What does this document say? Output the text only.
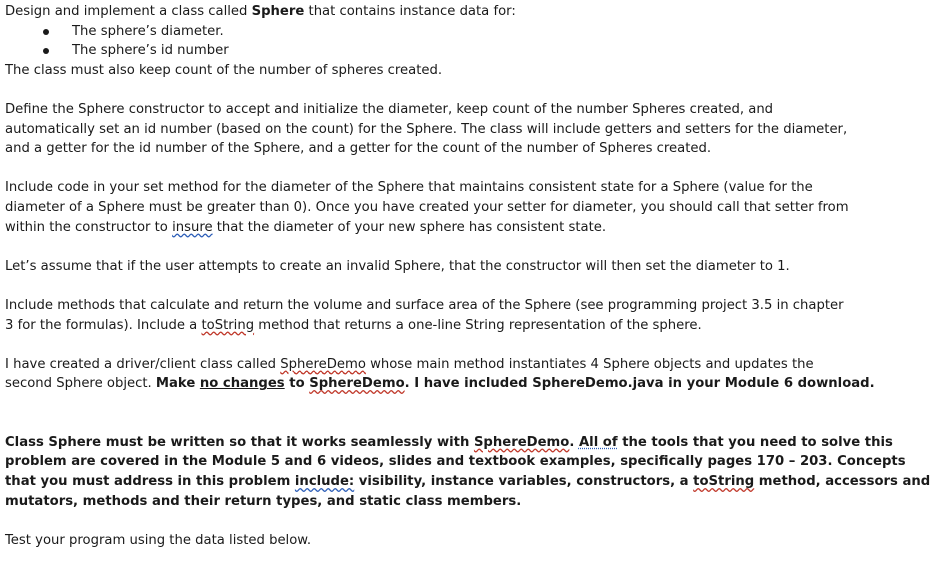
Design and implement a class called Sphere that contains instance data for:

The sphere’s diameter.
The sphere’s id number

The class must also keep count of the number of spheres created.

Define the Sphere constructor to accept and initialize the diameter, keep count of the number Spheres created, and

automatically set an id number (based on the count) for the Sphere. The class will include getters and setters for the diameter,

and a getter for the id number of the Sphere, and a getter for the count of the number of Spheres created.

Include code in your set method for the diameter of the Sphere that maintains consistent state for a Sphere (value for the

diameter of a Sphere must be greater than 0). Once you have created your setter for diameter, you should call that setter from

within the constructor to insure that the diameter of your new sphere has consistent state.

Let’s assume that if the user attempts to create an invalid Sphere, that the constructor will then set the diameter to 1.

Include methods that calculate and return the volume and surface area of the Sphere (see programming project 3.5 in chapter

3 for the formulas). Include a toString method that returns a one-line String representation of the sphere.

I have created a driver/client class called SphereDemo whose main method instantiates 4 Sphere objects and updates the

second Sphere object. Make no changes to SphereDemo. I have included SphereDemo.java in your Module 6 download.

Class Sphere must be written so that it works seamlessly with SphereDemo. All of the tools that you need to solve this

problem are covered in the Module 5 and 6 videos, slides and textbook examples, specifically pages 170 – 203. Concepts

that you must address in this problem include: visibility, instance variables, constructors, a toString method, accessors and

mutators, methods and their return types, and static class members.

Test your program using the data listed below.
